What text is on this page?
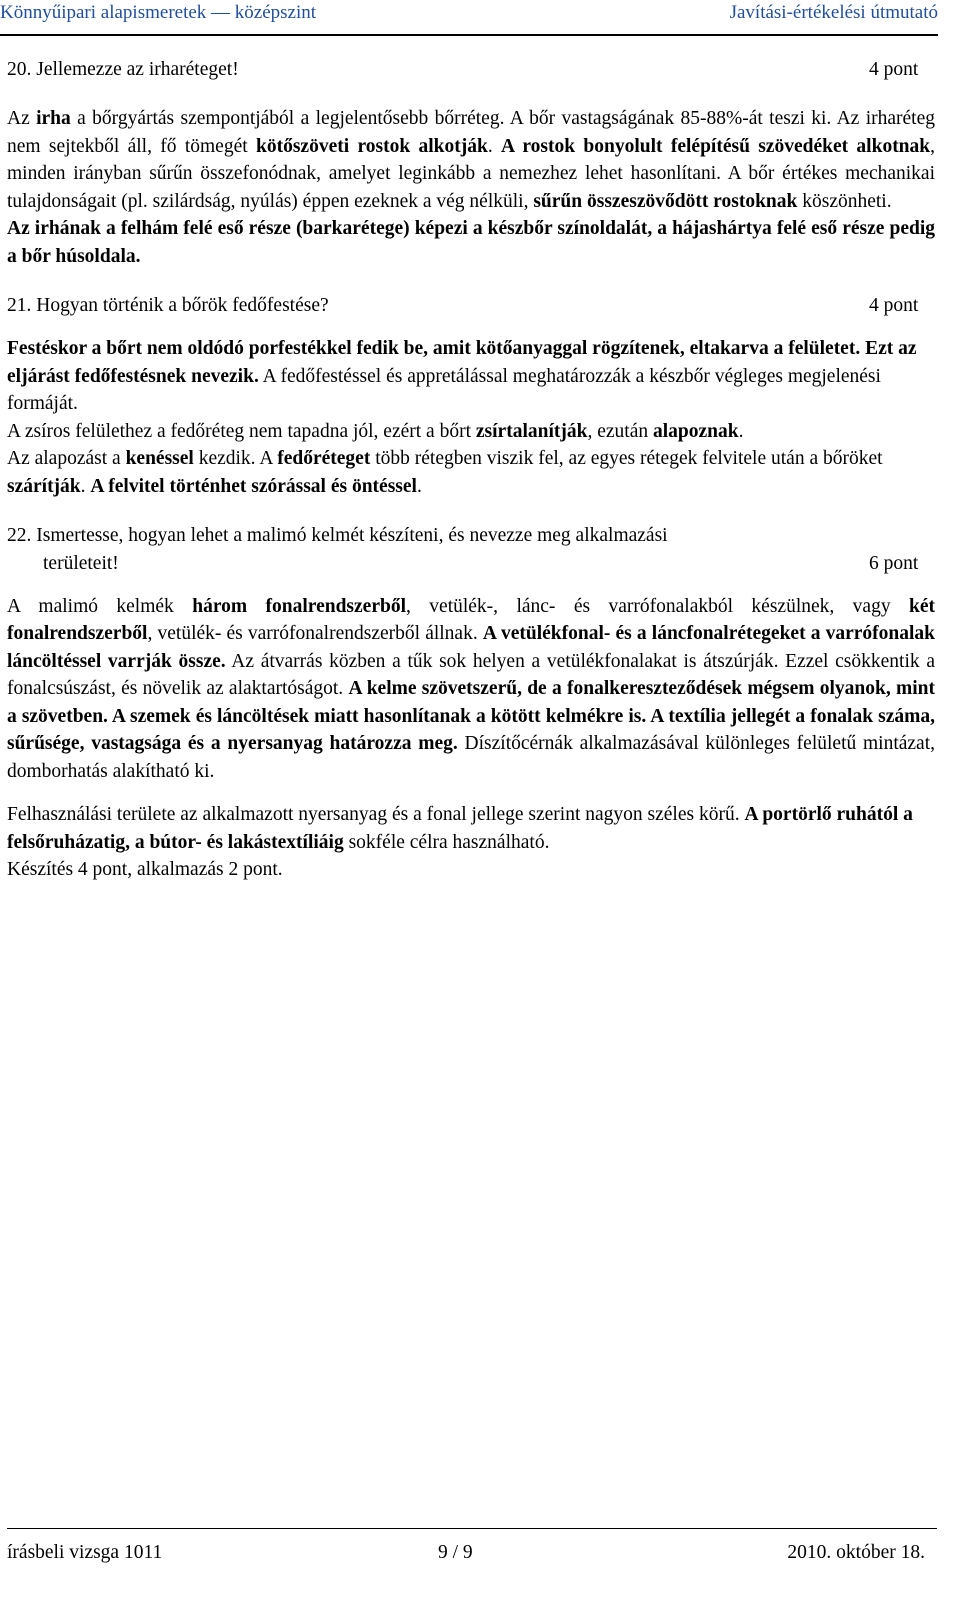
Könnyűipari alapismeretek — középszint	Javítási-értékelési útmutató
20. Jellemezze az irharéteget!	4 pont

Az irha a bőrgyártás szempontjából a legjelentősebb bőrréteg. A bőr vastagságának 85-88%-át teszi ki. Az irharéteg nem sejtekből áll, fő tömegét kötőszöveti rostok alkotják. A rostok bonyolult felépítésű szövedéket alkotnak, minden irányban sűrűn összefonódnak, amelyet leginkább a nemezhez lehet hasonlítani. A bőr értékes mechanikai tulajdonságait (pl. szilárdság, nyúlás) éppen ezeknek a vég nélküli, sűrűn összeszövődött rostoknak köszönheti.

Az irhának a felhám felé eső része (barkarétege) képezi a készbőr színoldalát, a hájashártya felé eső része pedig a bőr húsoldala.

21. Hogyan történik a bőrök fedőfestése?	4 pont

Festéskor a bőrt nem oldódó porfestékkel fedik be, amit kötőanyaggal rögzítenek, eltakarva a felületet. Ezt az eljárást fedőfestésnek nevezik. A fedőfestéssel és appretálással meghatározzák a készbőr végleges megjelenési formáját.

A zsíros felülethez a fedőréteg nem tapadna jól, ezért a bőrt zsírtalanítják, ezután alapoznak.

Az alapozást a kenéssel kezdik. A fedőréteget több rétegben viszik fel, az egyes rétegek felvitele után a bőröket szárítják. A felvitel történhet szórással és öntéssel.

22. Ismertesse, hogyan lehet a malimó kelmét készíteni, és nevezze meg alkalmazási

területeit!	6 pont

A malimó kelmék három fonalrendszerből, vetülék-, lánc- és varrófonalakból készülnek, vagy két fonalrendszerből, vetülék- és varrófonalrendszerből állnak. A vetülékfonal- és a láncfonalrétegeket a varrófonalak láncöltéssel varrják össze. Az átvarrás közben a tűk sok helyen a vetülékfonalakat is átszúrják. Ezzel csökkentik a fonalcsúszást, és növelik az alaktartóságot. A kelme szövetszerű, de a fonalkereszteződések mégsem olyanok, mint a szövetben. A szemek és láncöltések miatt hasonlítanak a kötött kelmékre is. A textília jellegét a fonalak száma, sűrűsége, vastagsága és a nyersanyag határozza meg. Díszítőcérnák alkalmazásával különleges felületű mintázat, domborhatás alakítható ki.

Felhasználási területe az alkalmazott nyersanyag és a fonal jellege szerint nagyon széles körű. A portörlő ruhától a felsőruházatig, a bútor- és lakástextíliáig sokféle célra használható.

Készítés 4 pont, alkalmazás 2 pont.

írásbeli vizsga 1011	9 / 9	2010. október 18.
